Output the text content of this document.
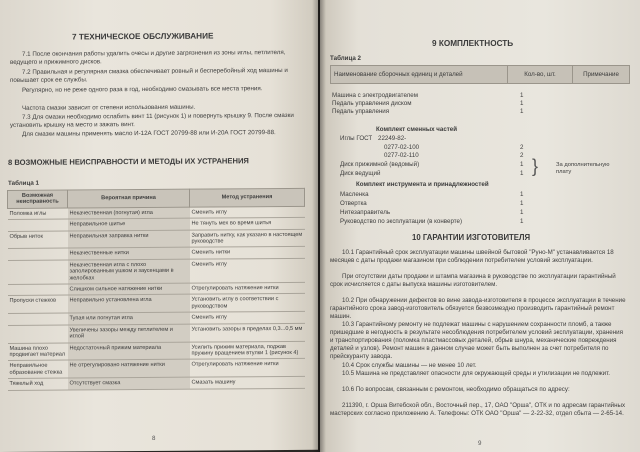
7 ТЕХНИЧЕСКОЕ ОБСЛУЖИВАНИЕ
7.1 После окончания работы удалить очесы и другие загрязнения из зоны иглы, петлителя, ведущего и прижимного дисков.
7.2 Правильная и регулярная смазка обеспечивает ровный и бесперебойный ход машины и повышает срок ее службы.
Регулярно, но не реже одного раза в год, необходимо смазывать все места трения.
Частота смазки зависит от степени использования машины.
7.3 Для смазки необходимо ослабить винт 11 (рисунок 1) и повернуть крышку 9. После смазки установить крышку на место и зажать винт.
Для смазки машины применять масло И-12А ГОСТ 20799-88 или И-20А ГОСТ 20799-88.
8 ВОЗМОЖНЫЕ НЕИСПРАВНОСТИ И МЕТОДЫ ИХ УСТРАНЕНИЯ
Таблица 1
Возможная неисправность	Вероятная причина	Метод устранения
Поломка иглы	Некачественная (погнутая) игла	Сменить иглу
	Неправильное шитье	Не тянуть мех во время шитья
Обрыв ниток	Неправильная заправка нитки	Заправить нитку, как указано в настоящем руководстве
	Некачественные нитки	Сменить нитки
	Некачественная игла с плохо заполированным ушком и заусенцами в желобках	Сменить иглу
	Слишком сильное натяжение нитки	Отрегулировать натяжение нитки
Пропуски стежков	Неправильно установлена игла	Установить иглу в соответствии с руководством
	Тупая или погнутая игла	Сменить иглу
	Увеличены зазоры между петлителем и иглой	Установить зазоры в пределах 0,3...0,5 мм
Машина плохо продвигает материал	Недостаточный прижим материала	Усилить прижим материала, поджав пружину вращением втулки 1 (рисунок 4)
Неправильное образование стежка	Не отрегулировано натяжение нитки	Отрегулировать натяжение нитки
Тяжелый ход	Отсутствует смазка	Смазать машину
8
9 КОМПЛЕКТНОСТЬ
Таблица 2
Наименование сборочных единиц и деталей	Кол-во, шт.	Примечание
Машина с электродвигателем	1
Педаль управления диском	1
Педаль управления	1
Комплект сменных частей
Иглы ГОСТ 22249-82-
0277-02-100	2
0277-02-110	2
Диск прижимной (ведомый)	1
Диск ведущий	1 }	За дополнительную плату
Комплект инструмента и принадлежностей
Масленка	1
Отвертка	1
Нитезаправитель	1
Руководство по эксплуатации (в конверте)	1
10 ГАРАНТИИ ИЗГОТОВИТЕЛЯ
10.1 Гарантийный срок эксплуатации машины швейной бытовой "Руно-М" устанавливается 18 месяцев с даты продажи магазином при соблюдении потребителем условий эксплуатации.
При отсутствии даты продажи и штампа магазина в руководстве по эксплуатации гарантийный срок исчисляется с даты выпуска машины изготовителем.
10.2 При обнаружении дефектов во вине завода-изготовителя в процессе эксплуатации в течение гарантийного срока завод-изготовитель обязуется безвозмездно производить гарантийный ремонт машин.
10.3 Гарантийному ремонту не подлежат машины с нарушением сохранности пломб, а также пришедшие в негодность в результате несоблюдения потребителем условий эксплуатации, хранения и транспортирования (поломка пластмассовых деталей, обрыв шнура, механические повреждения деталей и узлов). Ремонт машин в данном случае может быть выполнен за счет потребителя по прейскуранту завода.
10.4 Срок службы машины — не менее 10 лет.
10.5 Машина не представляет опасности для окружающей среды и утилизации не подлежит.
10.6 По вопросам, связанным с ремонтом, необходимо обращаться по адресу:
211390, г. Орша Витебской обл., Восточный пер., 17, ОАО "Орша", ОТК и по адресам гарантийных мастерских согласно приложению А. Телефоны: ОТК ОАО "Орша" — 2-22-32, отдел сбыта — 2-65-14.
9
